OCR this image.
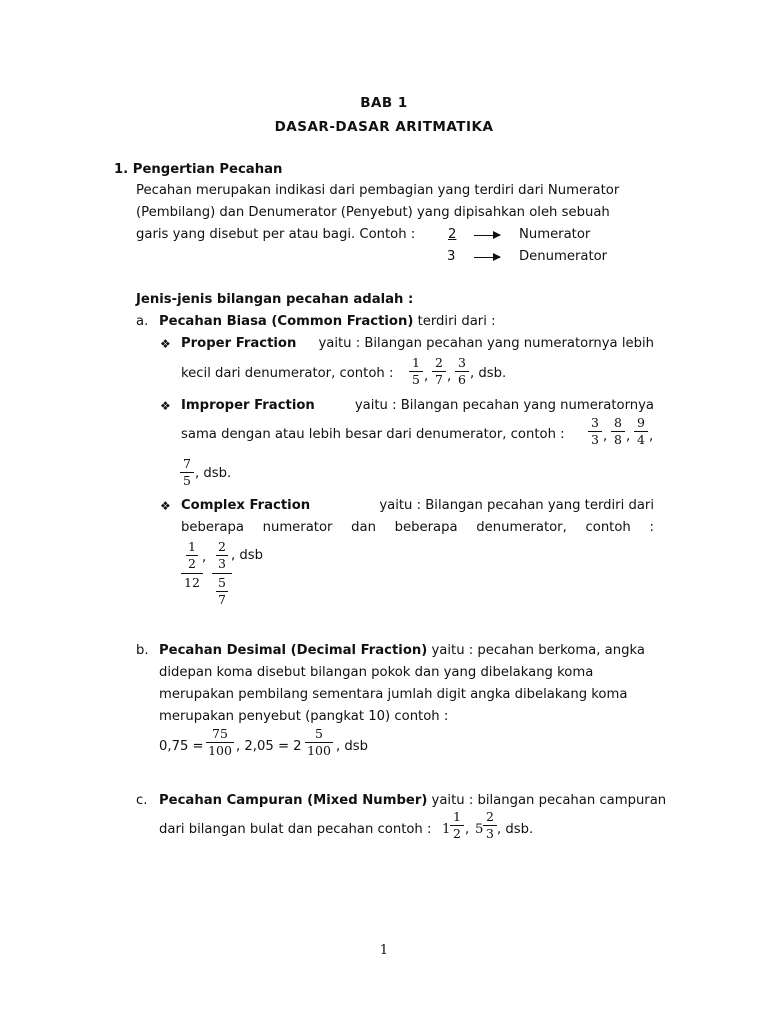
BAB 1
DASAR-DASAR ARITMATIKA
1. Pengertian Pecahan
Pecahan merupakan indikasi dari pembagian yang terdiri dari Numerator
(Pembilang) dan Denumerator (Penyebut) yang dipisahkan oleh sebuah
garis yang disebut per atau bagi. Contoh :	2	Numerator
3	Denumerator
Jenis-jenis bilangan pecahan adalah :
a. Pecahan Biasa (Common Fraction) terdiri dari :
❖ Proper Fraction yaitu : Bilangan pecahan yang numeratornya lebih
kecil dari denumerator, contoh :
1
5 ,
2
7 ,
3
6 , dsb.
❖ Improper Fraction	yaitu : Bilangan pecahan yang numeratornya
sama dengan atau lebih besar dari denumerator, contoh :
3
3 ,
8
8 ,
9
4 ,
7
5 , dsb.
❖ Complex Fraction	yaitu : Bilangan pecahan yang terdiri dari
beberapa numerator dan beberapa denumerator, contoh :
1
2
12
,
2
3
5
7
, dsb
b. Pecahan Desimal (Decimal Fraction) yaitu : pecahan berkoma, angka
didepan koma disebut bilangan pokok dan yang dibelakang koma
merupakan pembilang sementara jumlah digit angka dibelakang koma
merupakan penyebut (pangkat 10) contoh :
0,75 =
75
100 , 2,05 = 2
5
100 , dsb
c. Pecahan Campuran (Mixed Number) yaitu : bilangan pecahan campuran
dari bilangan bulat dan pecahan contoh : 1
1
2 , 5
2
3 , dsb.
1
